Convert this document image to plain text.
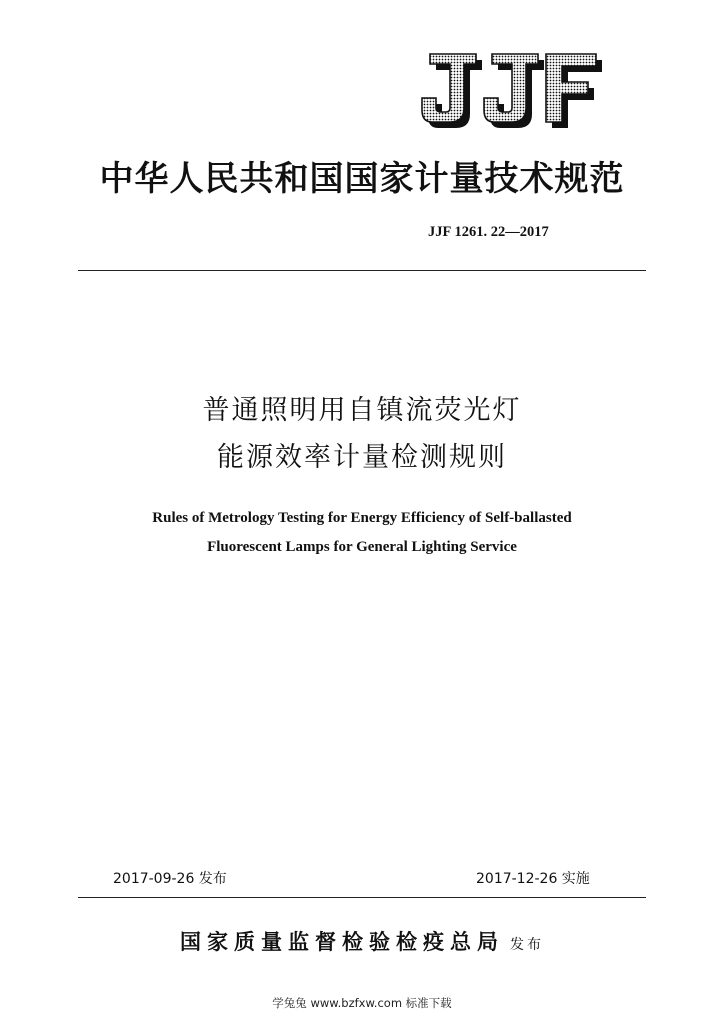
中华人民共和国国家计量技术规范
JJF 1261. 22—2017
普通照明用自镇流荧光灯
能源效率计量检测规则
Rules of Metrology Testing for Energy Efficiency of Self-ballasted
Fluorescent Lamps for General Lighting Service
2017-09-26 发布	2017-12-26 实施
国家质量监督检验检疫总局 发布
学兔兔 www.bzfxw.com 标准下载
